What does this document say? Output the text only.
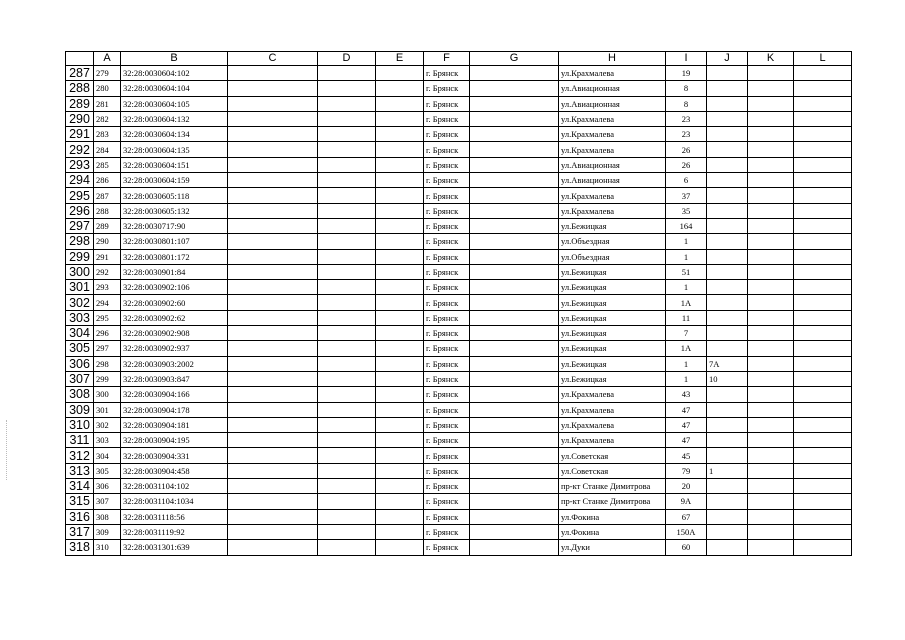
	A	B	C	D	E	F	G	H	I	J	K	L
287	279	32:28:0030604:102				г. Брянск		ул.Крахмалева	19			
288	280	32:28:0030604:104				г. Брянск		ул.Авиационная	8			
289	281	32:28:0030604:105				г. Брянск		ул.Авиационная	8			
290	282	32:28:0030604:132				г. Брянск		ул.Крахмалева	23			
291	283	32:28:0030604:134				г. Брянск		ул.Крахмалева	23			
292	284	32:28:0030604:135				г. Брянск		ул.Крахмалева	26			
293	285	32:28:0030604:151				г. Брянск		ул.Авиационная	26			
294	286	32:28:0030604:159				г. Брянск		ул.Авиационная	6			
295	287	32:28:0030605:118				г. Брянск		ул.Крахмалева	37			
296	288	32:28:0030605:132				г. Брянск		ул.Крахмалева	35			
297	289	32:28:0030717:90				г. Брянск		ул.Бежицкая	164			
298	290	32:28:0030801:107				г. Брянск		ул.Объездная	1			
299	291	32:28:0030801:172				г. Брянск		ул.Объездная	1			
300	292	32:28:0030901:84				г. Брянск		ул.Бежицкая	51			
301	293	32:28:0030902:106				г. Брянск		ул.Бежицкая	1			
302	294	32:28:0030902:60				г. Брянск		ул.Бежицкая	1А			
303	295	32:28:0030902:62				г. Брянск		ул.Бежицкая	11			
304	296	32:28:0030902:908				г. Брянск		ул.Бежицкая	7			
305	297	32:28:0030902:937				г. Брянск		ул.Бежицкая	1А			
306	298	32:28:0030903:2002				г. Брянск		ул.Бежицкая	1	7А		
307	299	32:28:0030903:847				г. Брянск		ул.Бежицкая	1	10		
308	300	32:28:0030904:166				г. Брянск		ул.Крахмалева	43			
309	301	32:28:0030904:178				г. Брянск		ул.Крахмалева	47			
310	302	32:28:0030904:181				г. Брянск		ул.Крахмалева	47			
311	303	32:28:0030904:195				г. Брянск		ул.Крахмалева	47			
312	304	32:28:0030904:331				г. Брянск		ул.Советская	45			
313	305	32:28:0030904:458				г. Брянск		ул.Советская	79	1		
314	306	32:28:0031104:102				г. Брянск		пр-кт Станке Димитрова	20			
315	307	32:28:0031104:1034				г. Брянск		пр-кт Станке Димитрова	9А			
316	308	32:28:0031118:56				г. Брянск		ул.Фокина	67			
317	309	32:28:0031119:92				г. Брянск		ул.Фокина	150А			
318	310	32:28:0031301:639				г. Брянск		ул.Дуки	60			
